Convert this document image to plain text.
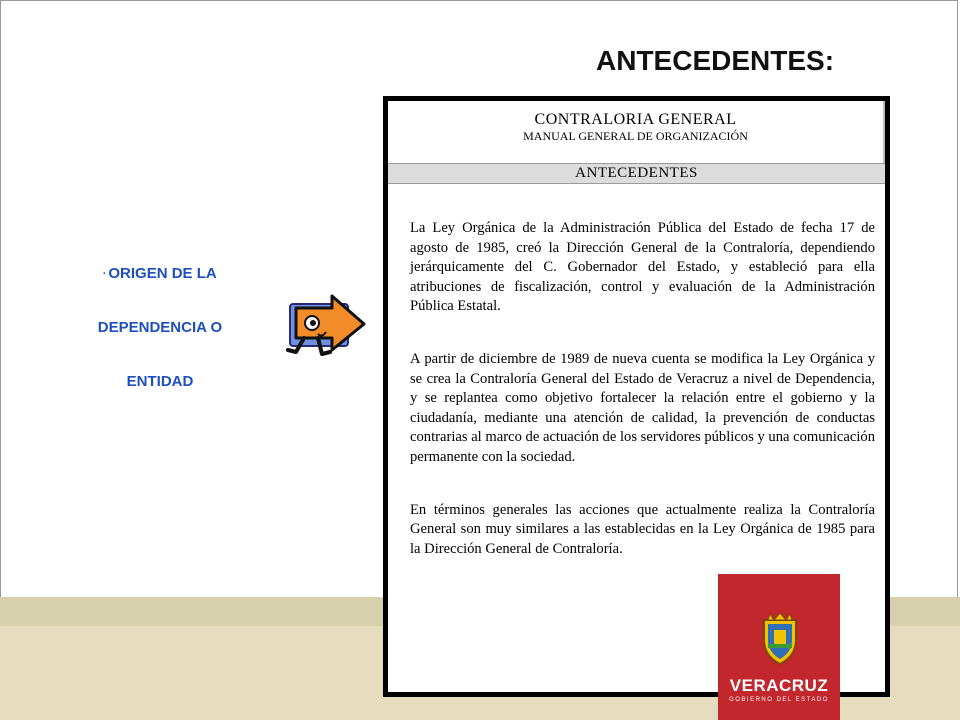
ANTECEDENTES:
• ORIGEN DE LA
DEPENDENCIA O
ENTIDAD
CONTRALORIA GENERAL
MANUAL GENERAL DE ORGANIZACIÓN
ANTECEDENTES

La Ley Orgánica de la Administración Pública del Estado de fecha 17 de agosto de 1985, creó la Dirección General de la Contraloría, dependiendo jerárquicamente del C. Gobernador del Estado, y estableció para ella atribuciones de fiscalización, control y evaluación de la Administración Pública Estatal.

A partir de diciembre de 1989 de nueva cuenta se modifica la Ley Orgánica y se crea la Contraloría General del Estado de Veracruz a nivel de Dependencia, y se replantea como objetivo fortalecer la relación entre el gobierno y la ciudadanía, mediante una atención de calidad, la prevención de conductas contrarias al marco de actuación de los servidores públicos y una comunicación permanente con la sociedad.

En términos generales las acciones que actualmente realiza la Contraloría General son muy similares a las establecidas en la Ley Orgánica de 1985 para la Dirección General de Contraloría.

VERACRUZ
GOBIERNO DEL ESTADO
